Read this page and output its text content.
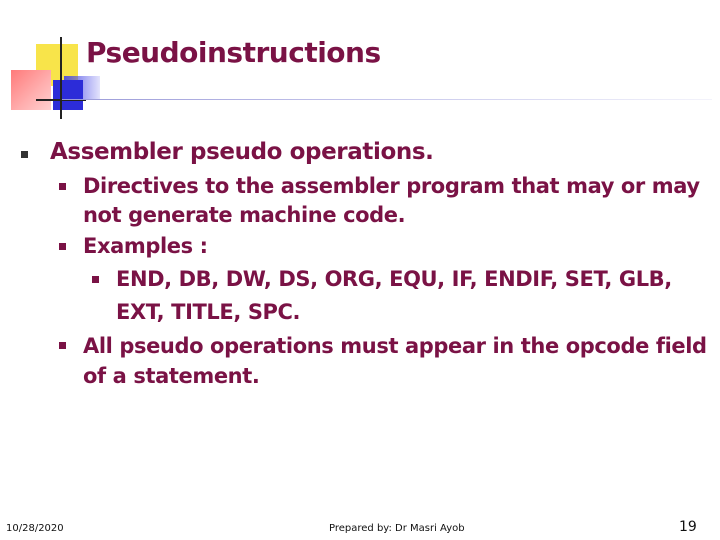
Pseudoinstructions

Assembler pseudo operations.

Directives to the assembler program that may or may

not generate machine code.

Examples :

END, DB, DW, DS, ORG, EQU, IF, ENDIF, SET, GLB,

EXT, TITLE, SPC.

All pseudo operations must appear in the opcode field

of a statement.

10/28/2020	Prepared by: Dr Masri Ayob	19
